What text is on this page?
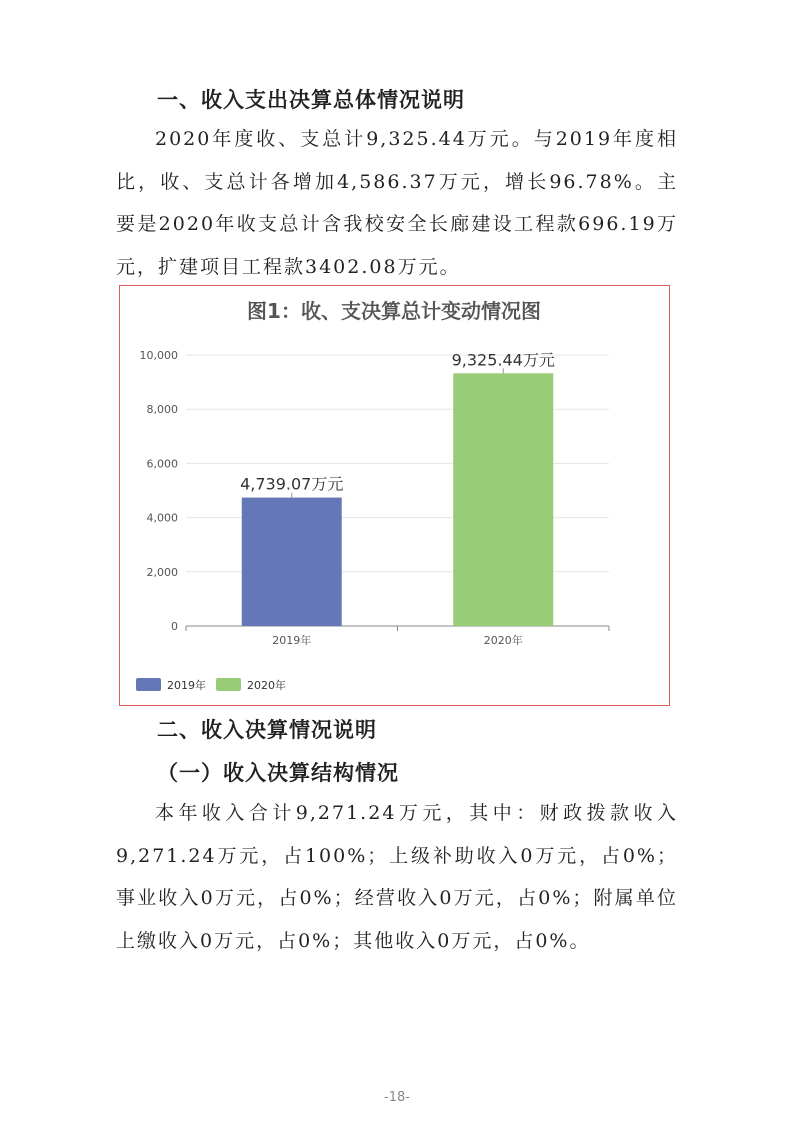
一、收入支出决算总体情况说明
2020年度收、支总计9,325.44万元。与2019年度相比，收、支总计各增加4,586.37万元，增长96.78%。主要是2020年收支总计含我校安全长廊建设工程款696.19万元，扩建项目工程款3402.08万元。
图1：收、支决算总计变动情况图
0
2,000
4,000
6,000
8,000
10,000
4,739.07万元
2019年
9,325.44万元
2020年
2019年	2020年
二、收入决算情况说明
（一）收入决算结构情况
本年收入合计9,271.24万元，其中：财政拨款收入9,271.24万元，占100%；上级补助收入0万元，占0%；事业收入0万元，占0%；经营收入0万元，占0%；附属单位上缴收入0万元，占0%；其他收入0万元，占0%。
-18-
